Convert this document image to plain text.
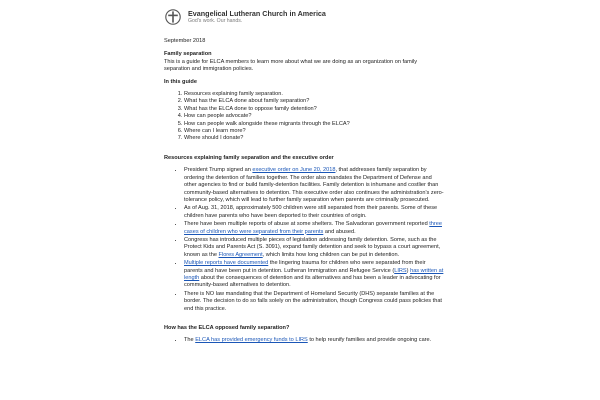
Evangelical Lutheran Church in America
God's work. Our hands.
September 2018
Family separation
This is a guide for ELCA members to learn more about what we are doing as an organization on family separation and immigration policies.
In this guide
1. Resources explaining family separation.
2. What has the ELCA done about family separation?
3. What has the ELCA done to oppose family detention?
4. How can people advocate?
5. How can people walk alongside these migrants through the ELCA?
6. Where can I learn more?
7. Where should I donate?
Resources explaining family separation and the executive order
• President Trump signed an executive order on June 20, 2018, that addresses family separation by ordering the detention of families together. The order also mandates the Department of Defense and other agencies to find or build family-detention facilities. Family detention is inhumane and costlier than community-based alternatives to detention. This executive order also continues the administration's zero-tolerance policy, which will lead to further family separation when parents are criminally prosecuted.
• As of Aug. 31, 2018, approximately 500 children were still separated from their parents. Some of these children have parents who have been deported to their countries of origin.
• There have been multiple reports of abuse at some shelters. The Salvadoran government reported three cases of children who were separated from their parents and abused.
• Congress has introduced multiple pieces of legislation addressing family detention. Some, such as the Protect Kids and Parents Act (S. 3091), expand family detention and seek to bypass a court agreement, known as the Flores Agreement, which limits how long children can be put in detention.
• Multiple reports have documented the lingering trauma for children who were separated from their parents and have been put in detention. Lutheran Immigration and Refugee Service (LIRS) has written at length about the consequences of detention and its alternatives and has been a leader in advocating for community-based alternatives to detention.
• There is NO law mandating that the Department of Homeland Security (DHS) separate families at the border. The decision to do so falls solely on the administration, though Congress could pass policies that end this practice.
How has the ELCA opposed family separation?
• The ELCA has provided emergency funds to LIRS to help reunify families and provide ongoing care.
